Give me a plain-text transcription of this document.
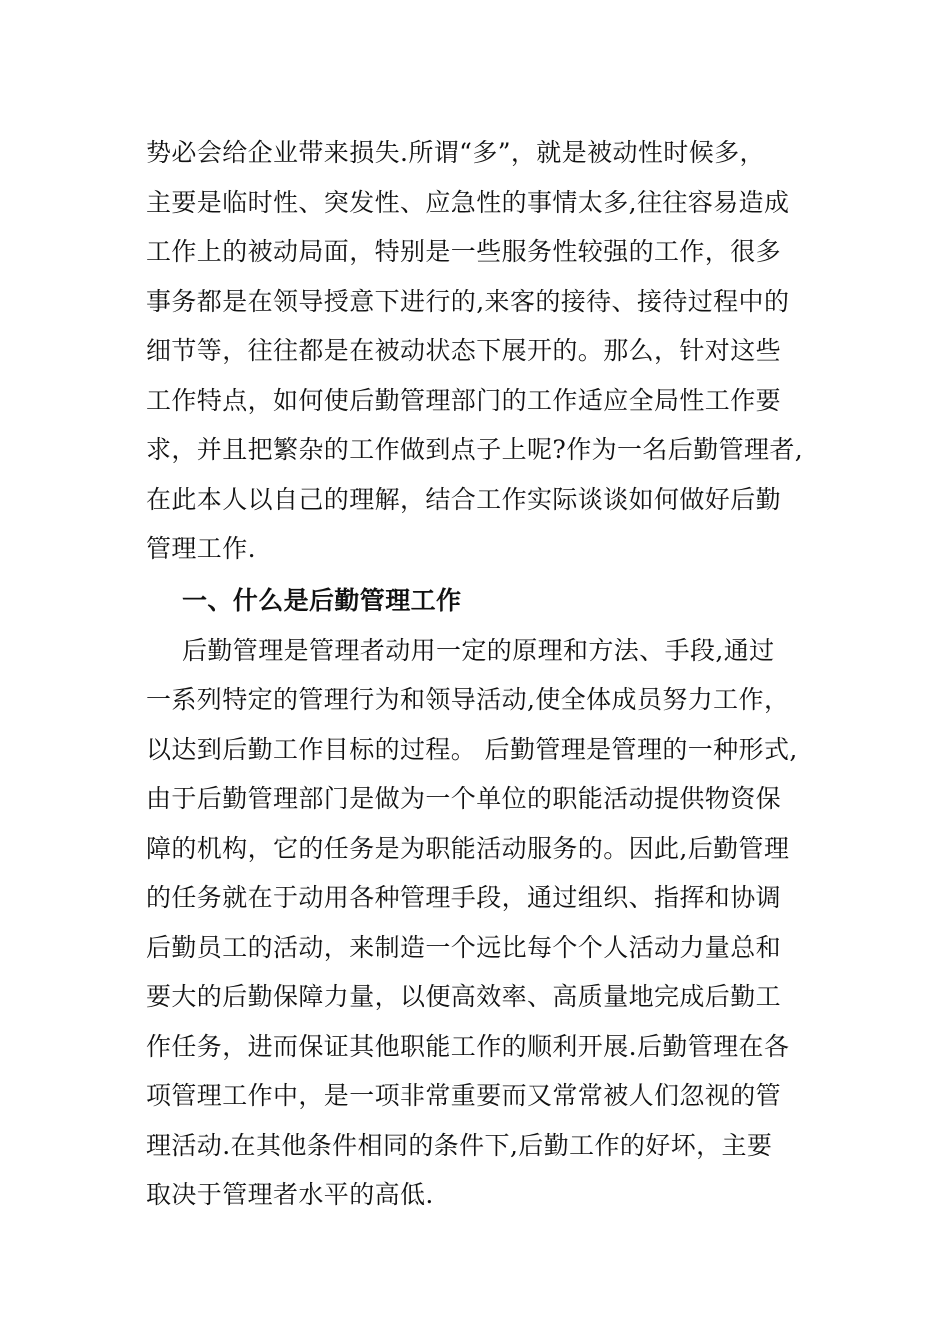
势必会给企业带来损失.所谓“多”，就是被动性时候多，
主要是临时性、突发性、应急性的事情太多,往往容易造成
工作上的被动局面，特别是一些服务性较强的工作，很多
事务都是在领导授意下进行的,来客的接待、接待过程中的
细节等，往往都是在被动状态下展开的。那么，针对这些
工作特点，如何使后勤管理部门的工作适应全局性工作要
求，并且把繁杂的工作做到点子上呢?作为一名后勤管理者,
在此本人以自己的理解，结合工作实际谈谈如何做好后勤
管理工作.
一、什么是后勤管理工作
后勤管理是管理者动用一定的原理和方法、手段,通过
一系列特定的管理行为和领导活动,使全体成员努力工作，
以达到后勤工作目标的过程。 后勤管理是管理的一种形式,
由于后勤管理部门是做为一个单位的职能活动提供物资保
障的机构，它的任务是为职能活动服务的。因此,后勤管理
的任务就在于动用各种管理手段，通过组织、指挥和协调
后勤员工的活动，来制造一个远比每个个人活动力量总和
要大的后勤保障力量，以便高效率、高质量地完成后勤工
作任务，进而保证其他职能工作的顺利开展.后勤管理在各
项管理工作中，是一项非常重要而又常常被人们忽视的管
理活动.在其他条件相同的条件下,后勤工作的好坏，主要
取决于管理者水平的高低.
